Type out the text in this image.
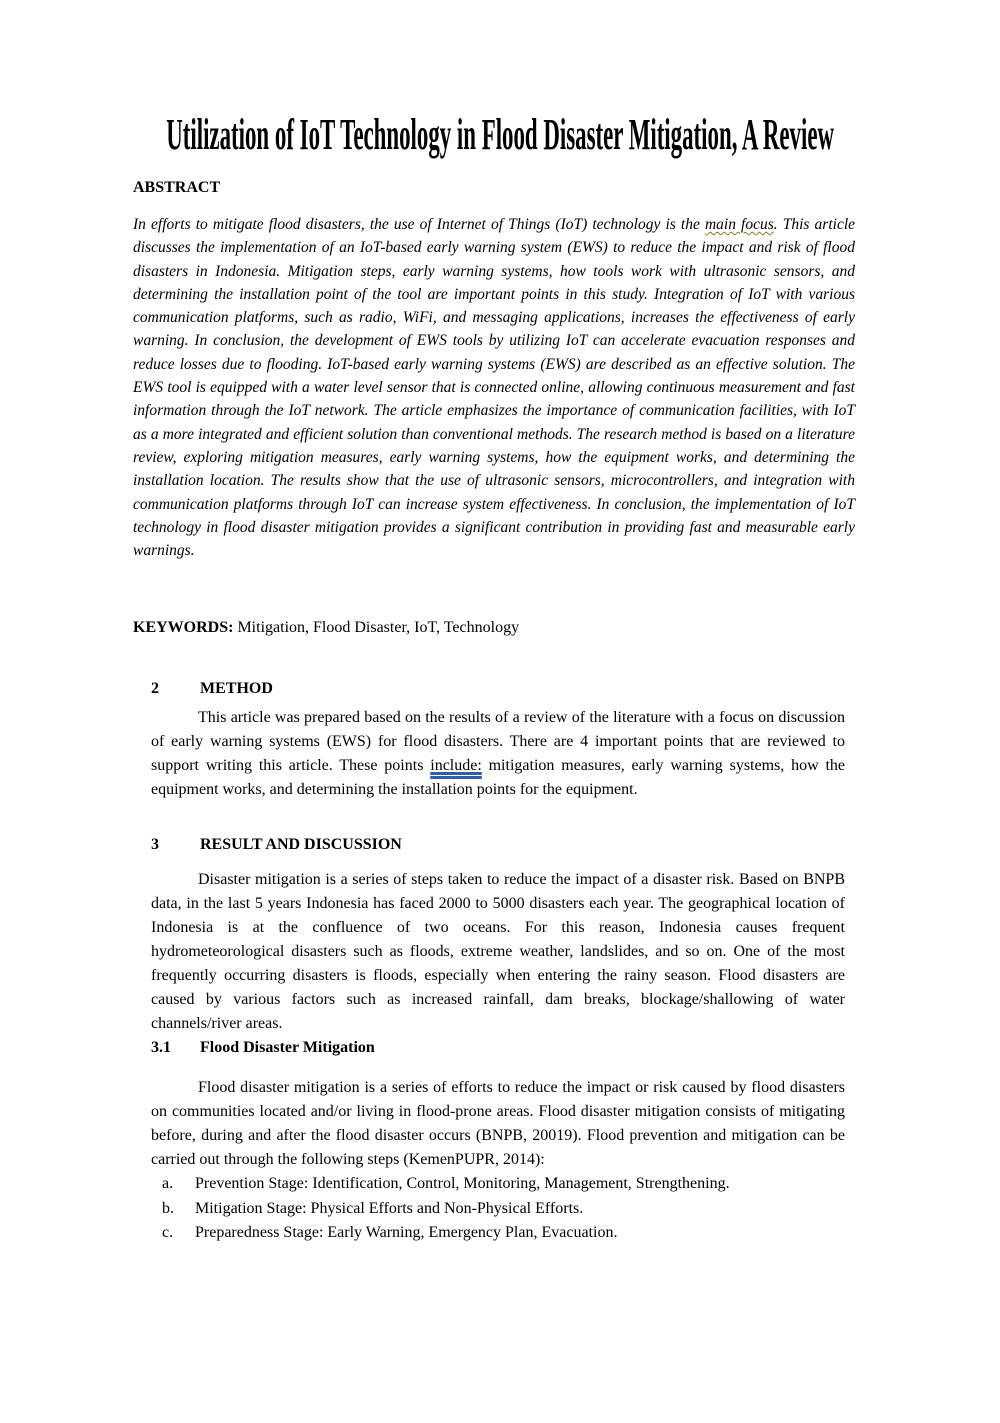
Utilization of IoT Technology in Flood Disaster Mitigation, A Review
ABSTRACT

In efforts to mitigate flood disasters, the use of Internet of Things (IoT) technology is the main focus. This article discusses the implementation of an IoT-based early warning system (EWS) to reduce the impact and risk of flood disasters in Indonesia. Mitigation steps, early warning systems, how tools work with ultrasonic sensors, and determining the installation point of the tool are important points in this study. Integration of IoT with various communication platforms, such as radio, WiFi, and messaging applications, increases the effectiveness of early warning. In conclusion, the development of EWS tools by utilizing IoT can accelerate evacuation responses and reduce losses due to flooding. IoT-based early warning systems (EWS) are described as an effective solution. The EWS tool is equipped with a water level sensor that is connected online, allowing continuous measurement and fast information through the IoT network. The article emphasizes the importance of communication facilities, with IoT as a more integrated and efficient solution than conventional methods. The research method is based on a literature review, exploring mitigation measures, early warning systems, how the equipment works, and determining the installation location. The results show that the use of ultrasonic sensors, microcontrollers, and integration with communication platforms through IoT can increase system effectiveness. In conclusion, the implementation of IoT technology in flood disaster mitigation provides a significant contribution in providing fast and measurable early warnings.

KEYWORDS: Mitigation, Flood Disaster, IoT, Technology

2	METHOD

This article was prepared based on the results of a review of the literature with a focus on discussion of early warning systems (EWS) for flood disasters. There are 4 important points that are reviewed to support writing this article. These points include: mitigation measures, early warning systems, how the equipment works, and determining the installation points for the equipment.

3	RESULT AND DISCUSSION

Disaster mitigation is a series of steps taken to reduce the impact of a disaster risk. Based on BNPB data, in the last 5 years Indonesia has faced 2000 to 5000 disasters each year. The geographical location of Indonesia is at the confluence of two oceans. For this reason, Indonesia causes frequent hydrometeorological disasters such as floods, extreme weather, landslides, and so on. One of the most frequently occurring disasters is floods, especially when entering the rainy season. Flood disasters are caused by various factors such as increased rainfall, dam breaks, blockage/shallowing of water channels/river areas.

3.1 Flood Disaster Mitigation

Flood disaster mitigation is a series of efforts to reduce the impact or risk caused by flood disasters on communities located and/or living in flood-prone areas. Flood disaster mitigation consists of mitigating before, during and after the flood disaster occurs (BNPB, 20019). Flood prevention and mitigation can be carried out through the following steps (KemenPUPR, 2014):

a. Prevention Stage: Identification, Control, Monitoring, Management, Strengthening.
b. Mitigation Stage: Physical Efforts and Non-Physical Efforts.
c. Preparedness Stage: Early Warning, Emergency Plan, Evacuation.
